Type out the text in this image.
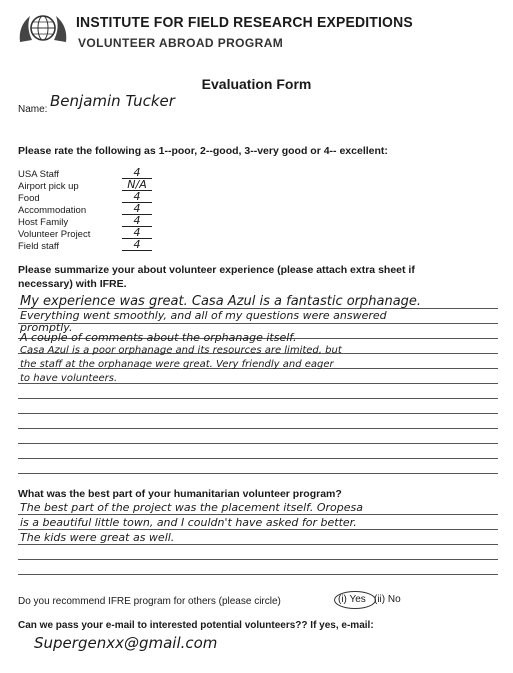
INSTITUTE FOR FIELD RESEARCH EXPEDITIONS
VOLUNTEER ABROAD PROGRAM
Evaluation Form
Name: Benjamin Tucker
Please rate the following as 1--poor, 2--good, 3--very good or 4-- excellent:
USA Staff	4
Airport pick up	N/A
Food	4
Accommodation	4
Host Family	4
Volunteer Project	4
Field staff	4
Please summarize your about volunteer experience (please attach extra sheet if
necessary) with IFRE.
My experience was great. Casa Azul is a fantastic orphanage.
Everything went smoothly, and all of my questions were answered
promptly.
A couple of comments about the orphanage itself.
Casa Azul is a poor orphanage and its resources are limited, but
the staff at the orphanage were great. Very friendly and eager
to have volunteers.
What was the best part of your humanitarian volunteer program?
The best part of the project was the placement itself. Oropesa
is a beautiful little town, and I couldn't have asked for better.
The kids were great as well.
Do you recommend IFRE program for others (please circle)	(i) Yes (ii) No
Can we pass your e-mail to interested potential volunteers?? If yes, e-mail:
Supergenxx@gmail.com
